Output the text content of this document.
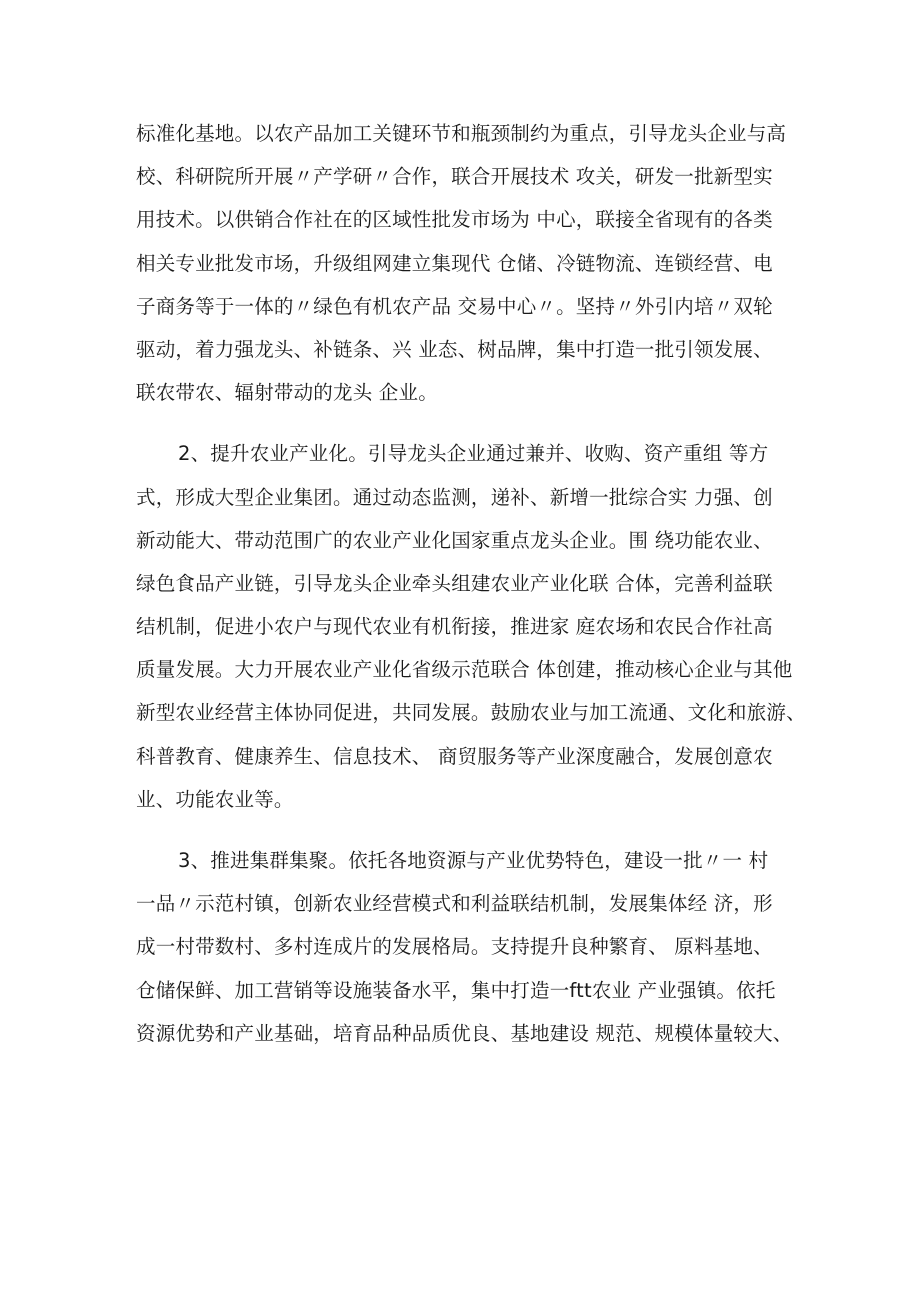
标准化基地。以农产品加工关键环节和瓶颈制约为重点，引导龙头企业与高
校、科研院所开展〃产学研〃合作，联合开展技术 攻关，研发一批新型实
用技术。以供销合作社在的区域性批发市场为 中心，联接全省现有的各类
相关专业批发市场，升级组网建立集现代 仓储、冷链物流、连锁经营、电
子商务等于一体的〃绿色有机农产品 交易中心〃。坚持〃外引内培〃双轮
驱动，着力强龙头、补链条、兴 业态、树品牌，集中打造一批引领发展、
联农带农、辐射带动的龙头 企业。
2、提升农业产业化。引导龙头企业通过兼并、收购、资产重组 等方
式，形成大型企业集团。通过动态监测，递补、新增一批综合实 力强、创
新动能大、带动范围广的农业产业化国家重点龙头企业。围 绕功能农业、
绿色食品产业链，引导龙头企业牵头组建农业产业化联 合体，完善利益联
结机制，促进小农户与现代农业有机衔接，推进家 庭农场和农民合作社高
质量发展。大力开展农业产业化省级示范联合 体创建，推动核心企业与其他
新型农业经营主体协同促进，共同发展。鼓励农业与加工流通、文化和旅游、
科普教育、健康养生、信息技术、 商贸服务等产业深度融合，发展创意农
业、功能农业等。
3、推进集群集聚。依托各地资源与产业优势特色，建设一批〃一 村
一品〃示范村镇，创新农业经营模式和利益联结机制，发展集体经 济，形
成一村带数村、多村连成片的发展格局。支持提升良种繁育、 原料基地、
仓储保鲜、加工营销等设施装备水平，集中打造一ftt农业 产业强镇。依托
资源优势和产业基础，培育品种品质优良、基地建设 规范、规模体量较大、
